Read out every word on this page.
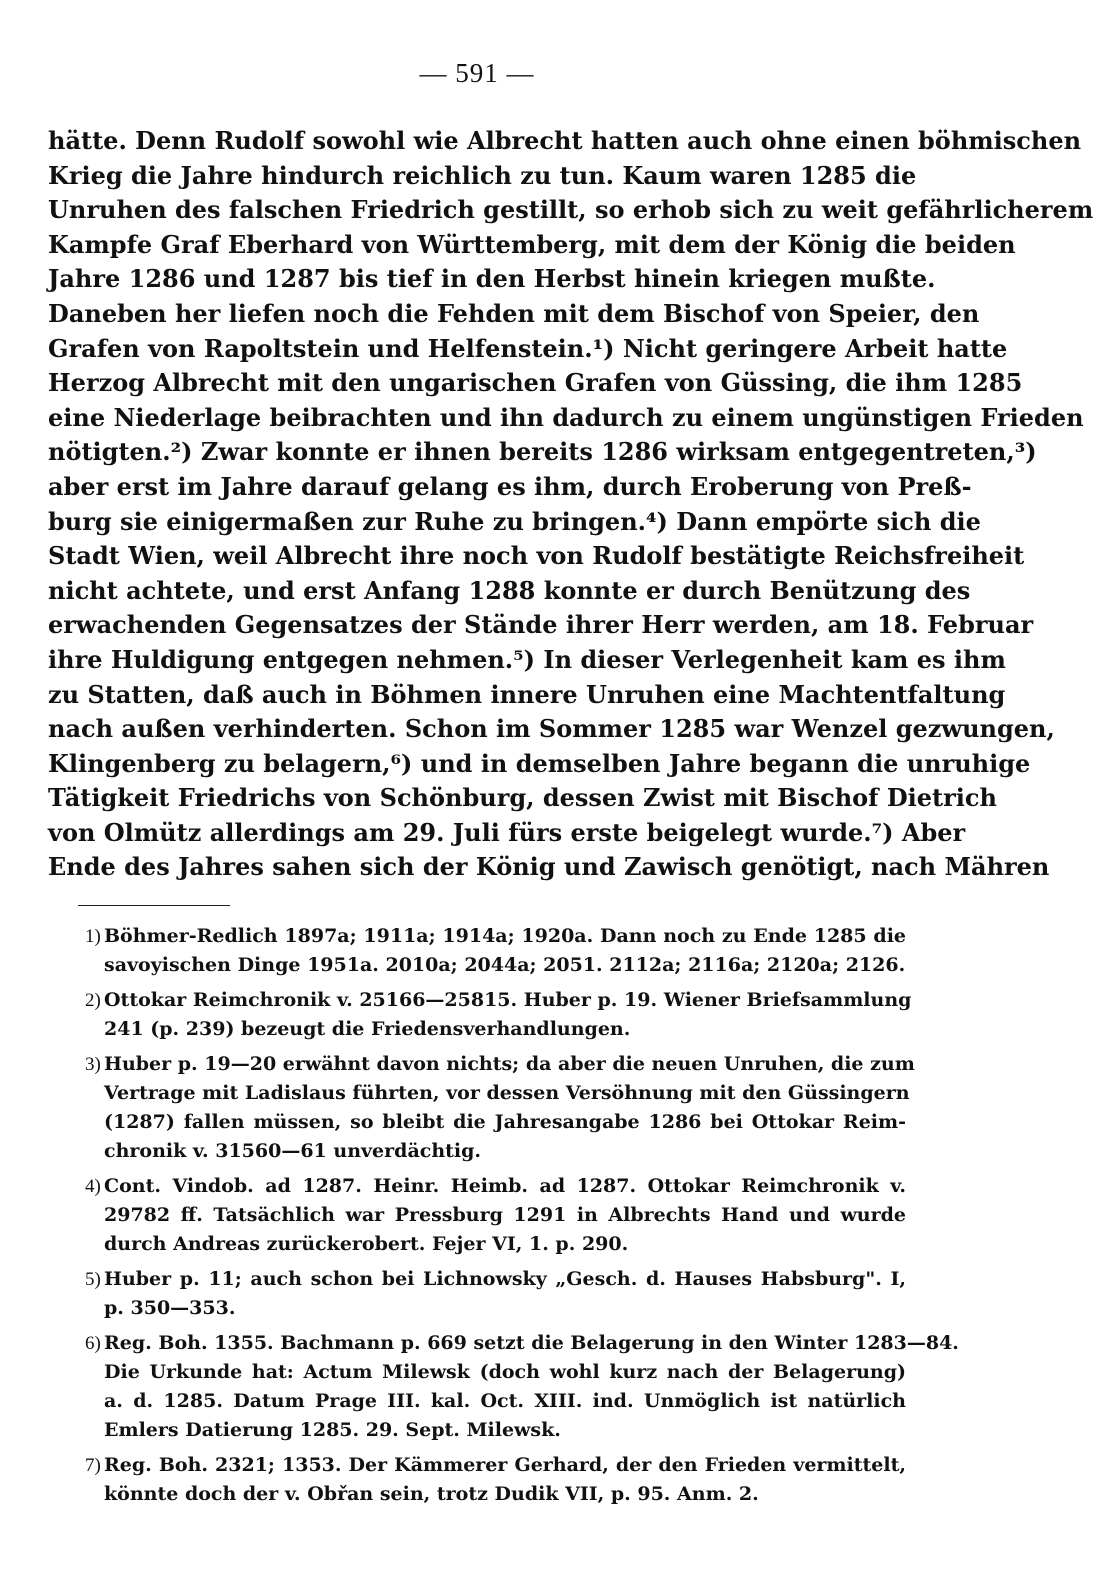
— 591 —
hätte. Denn Rudolf sowohl wie Albrecht hatten auch ohne einen böhmischen
Krieg die Jahre hindurch reichlich zu tun. Kaum waren 1285 die
Unruhen des falschen Friedrich gestillt, so erhob sich zu weit gefährlicherem
Kampfe Graf Eberhard von Württemberg, mit dem der König die beiden
Jahre 1286 und 1287 bis tief in den Herbst hinein kriegen mußte.
Daneben her liefen noch die Fehden mit dem Bischof von Speier, den
Grafen von Rapoltstein und Helfenstein.¹) Nicht geringere Arbeit hatte
Herzog Albrecht mit den ungarischen Grafen von Güssing, die ihm 1285
eine Niederlage beibrachten und ihn dadurch zu einem ungünstigen Frieden
nötigten.²) Zwar konnte er ihnen bereits 1286 wirksam entgegentreten,³)
aber erst im Jahre darauf gelang es ihm, durch Eroberung von Preß-
burg sie einigermaßen zur Ruhe zu bringen.⁴) Dann empörte sich die
Stadt Wien, weil Albrecht ihre noch von Rudolf bestätigte Reichsfreiheit
nicht achtete, und erst Anfang 1288 konnte er durch Benützung des
erwachenden Gegensatzes der Stände ihrer Herr werden, am 18. Februar
ihre Huldigung entgegen nehmen.⁵) In dieser Verlegenheit kam es ihm
zu Statten, daß auch in Böhmen innere Unruhen eine Machtentfaltung
nach außen verhinderten. Schon im Sommer 1285 war Wenzel gezwungen,
Klingenberg zu belagern,⁶) und in demselben Jahre begann die unruhige
Tätigkeit Friedrichs von Schönburg, dessen Zwist mit Bischof Dietrich
von Olmütz allerdings am 29. Juli fürs erste beigelegt wurde.⁷) Aber
Ende des Jahres sahen sich der König und Zawisch genötigt, nach Mähren
1) Böhmer-Redlich 1897a; 1911a; 1914a; 1920a. Dann noch zu Ende 1285 die
savoyischen Dinge 1951a. 2010a; 2044a; 2051. 2112a; 2116a; 2120a; 2126.
2) Ottokar Reimchronik v. 25166—25815. Huber p. 19. Wiener Briefsammlung
241 (p. 239) bezeugt die Friedensverhandlungen.
3) Huber p. 19—20 erwähnt davon nichts; da aber die neuen Unruhen, die zum
Vertrage mit Ladislaus führten, vor dessen Versöhnung mit den Güssingern
(1287) fallen müssen, so bleibt die Jahresangabe 1286 bei Ottokar Reim-
chronik v. 31560—61 unverdächtig.
4) Cont. Vindob. ad 1287. Heinr. Heimb. ad 1287. Ottokar Reimchronik v.
29782 ff. Tatsächlich war Pressburg 1291 in Albrechts Hand und wurde
durch Andreas zurückerobert. Fejer VI, 1. p. 290.
5) Huber p. 11; auch schon bei Lichnowsky „Gesch. d. Hauses Habsburg". I,
p. 350—353.
6) Reg. Boh. 1355. Bachmann p. 669 setzt die Belagerung in den Winter 1283—84.
Die Urkunde hat: Actum Milewsk (doch wohl kurz nach der Belagerung)
a. d. 1285. Datum Prage III. kal. Oct. XIII. ind. Unmöglich ist natürlich
Emlers Datierung 1285. 29. Sept. Milewsk.
7) Reg. Boh. 2321; 1353. Der Kämmerer Gerhard, der den Frieden vermittelt,
könnte doch der v. Obřan sein, trotz Dudik VII, p. 95. Anm. 2.
